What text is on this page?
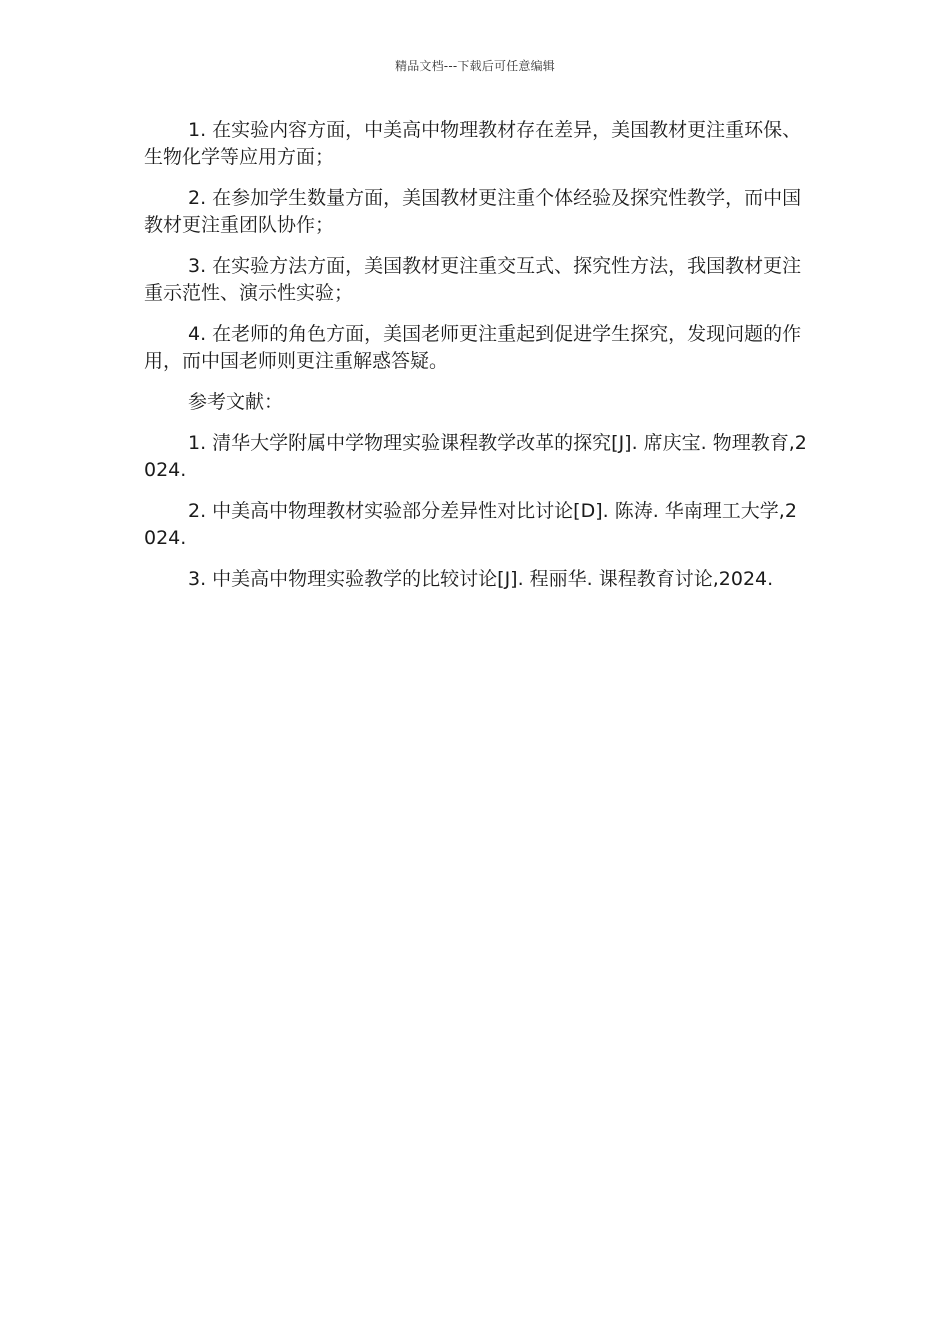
精品文档---下载后可任意编辑

1. 在实验内容方面，中美高中物理教材存在差异，美国教材更注重环保、生物化学等应用方面；

2. 在参加学生数量方面，美国教材更注重个体经验及探究性教学，而中国教材更注重团队协作；

3. 在实验方法方面，美国教材更注重交互式、探究性方法，我国教材更注重示范性、演示性实验；

4. 在老师的角色方面，美国老师更注重起到促进学生探究，发现问题的作用，而中国老师则更注重解惑答疑。

参考文献：

1. 清华大学附属中学物理实验课程教学改革的探究[J]. 席庆宝. 物理教育,2024.

2. 中美高中物理教材实验部分差异性对比讨论[D]. 陈涛. 华南理工大学,2024.

3. 中美高中物理实验教学的比较讨论[J]. 程丽华. 课程教育讨论,2024.
